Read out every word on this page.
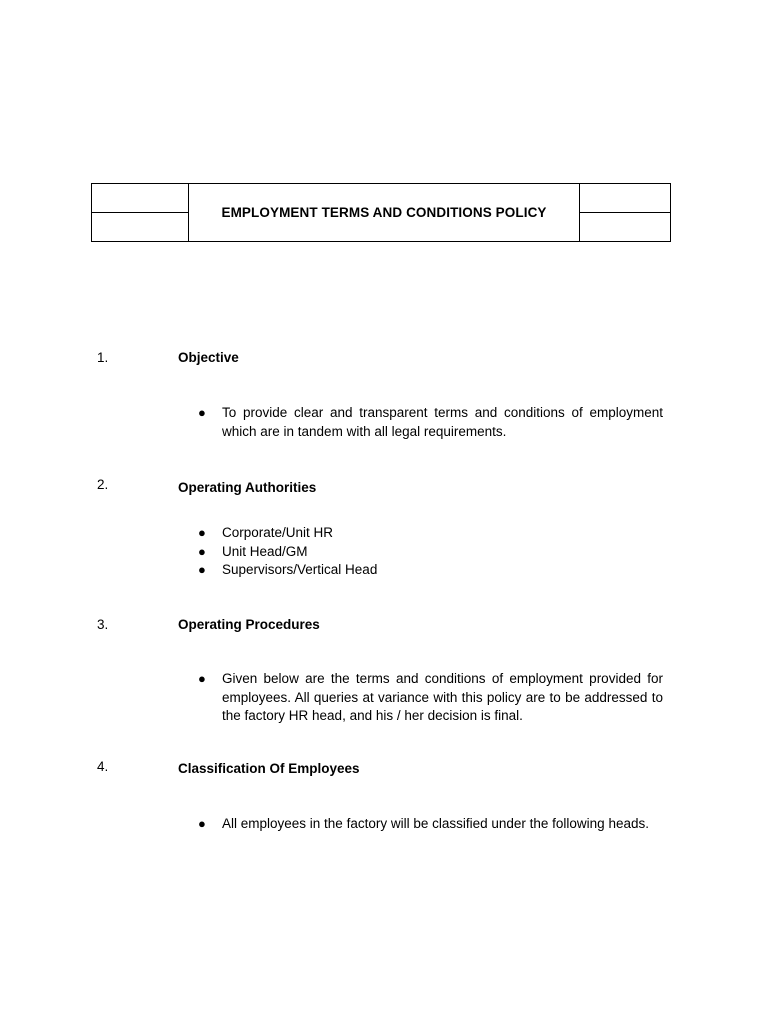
	EMPLOYMENT TERMS AND CONDITIONS POLICY	

1.	Objective
●	To provide clear and transparent terms and conditions of employment which are in tandem with all legal requirements.
2.	Operating Authorities
●	Corporate/Unit HR
●	Unit Head/GM
●	Supervisors/Vertical Head
3.	Operating Procedures
●	Given below are the terms and conditions of employment provided for employees. All queries at variance with this policy are to be addressed to the factory HR head, and his / her decision is final.
4.	Classification Of Employees
●	All employees in the factory will be classified under the following heads.
